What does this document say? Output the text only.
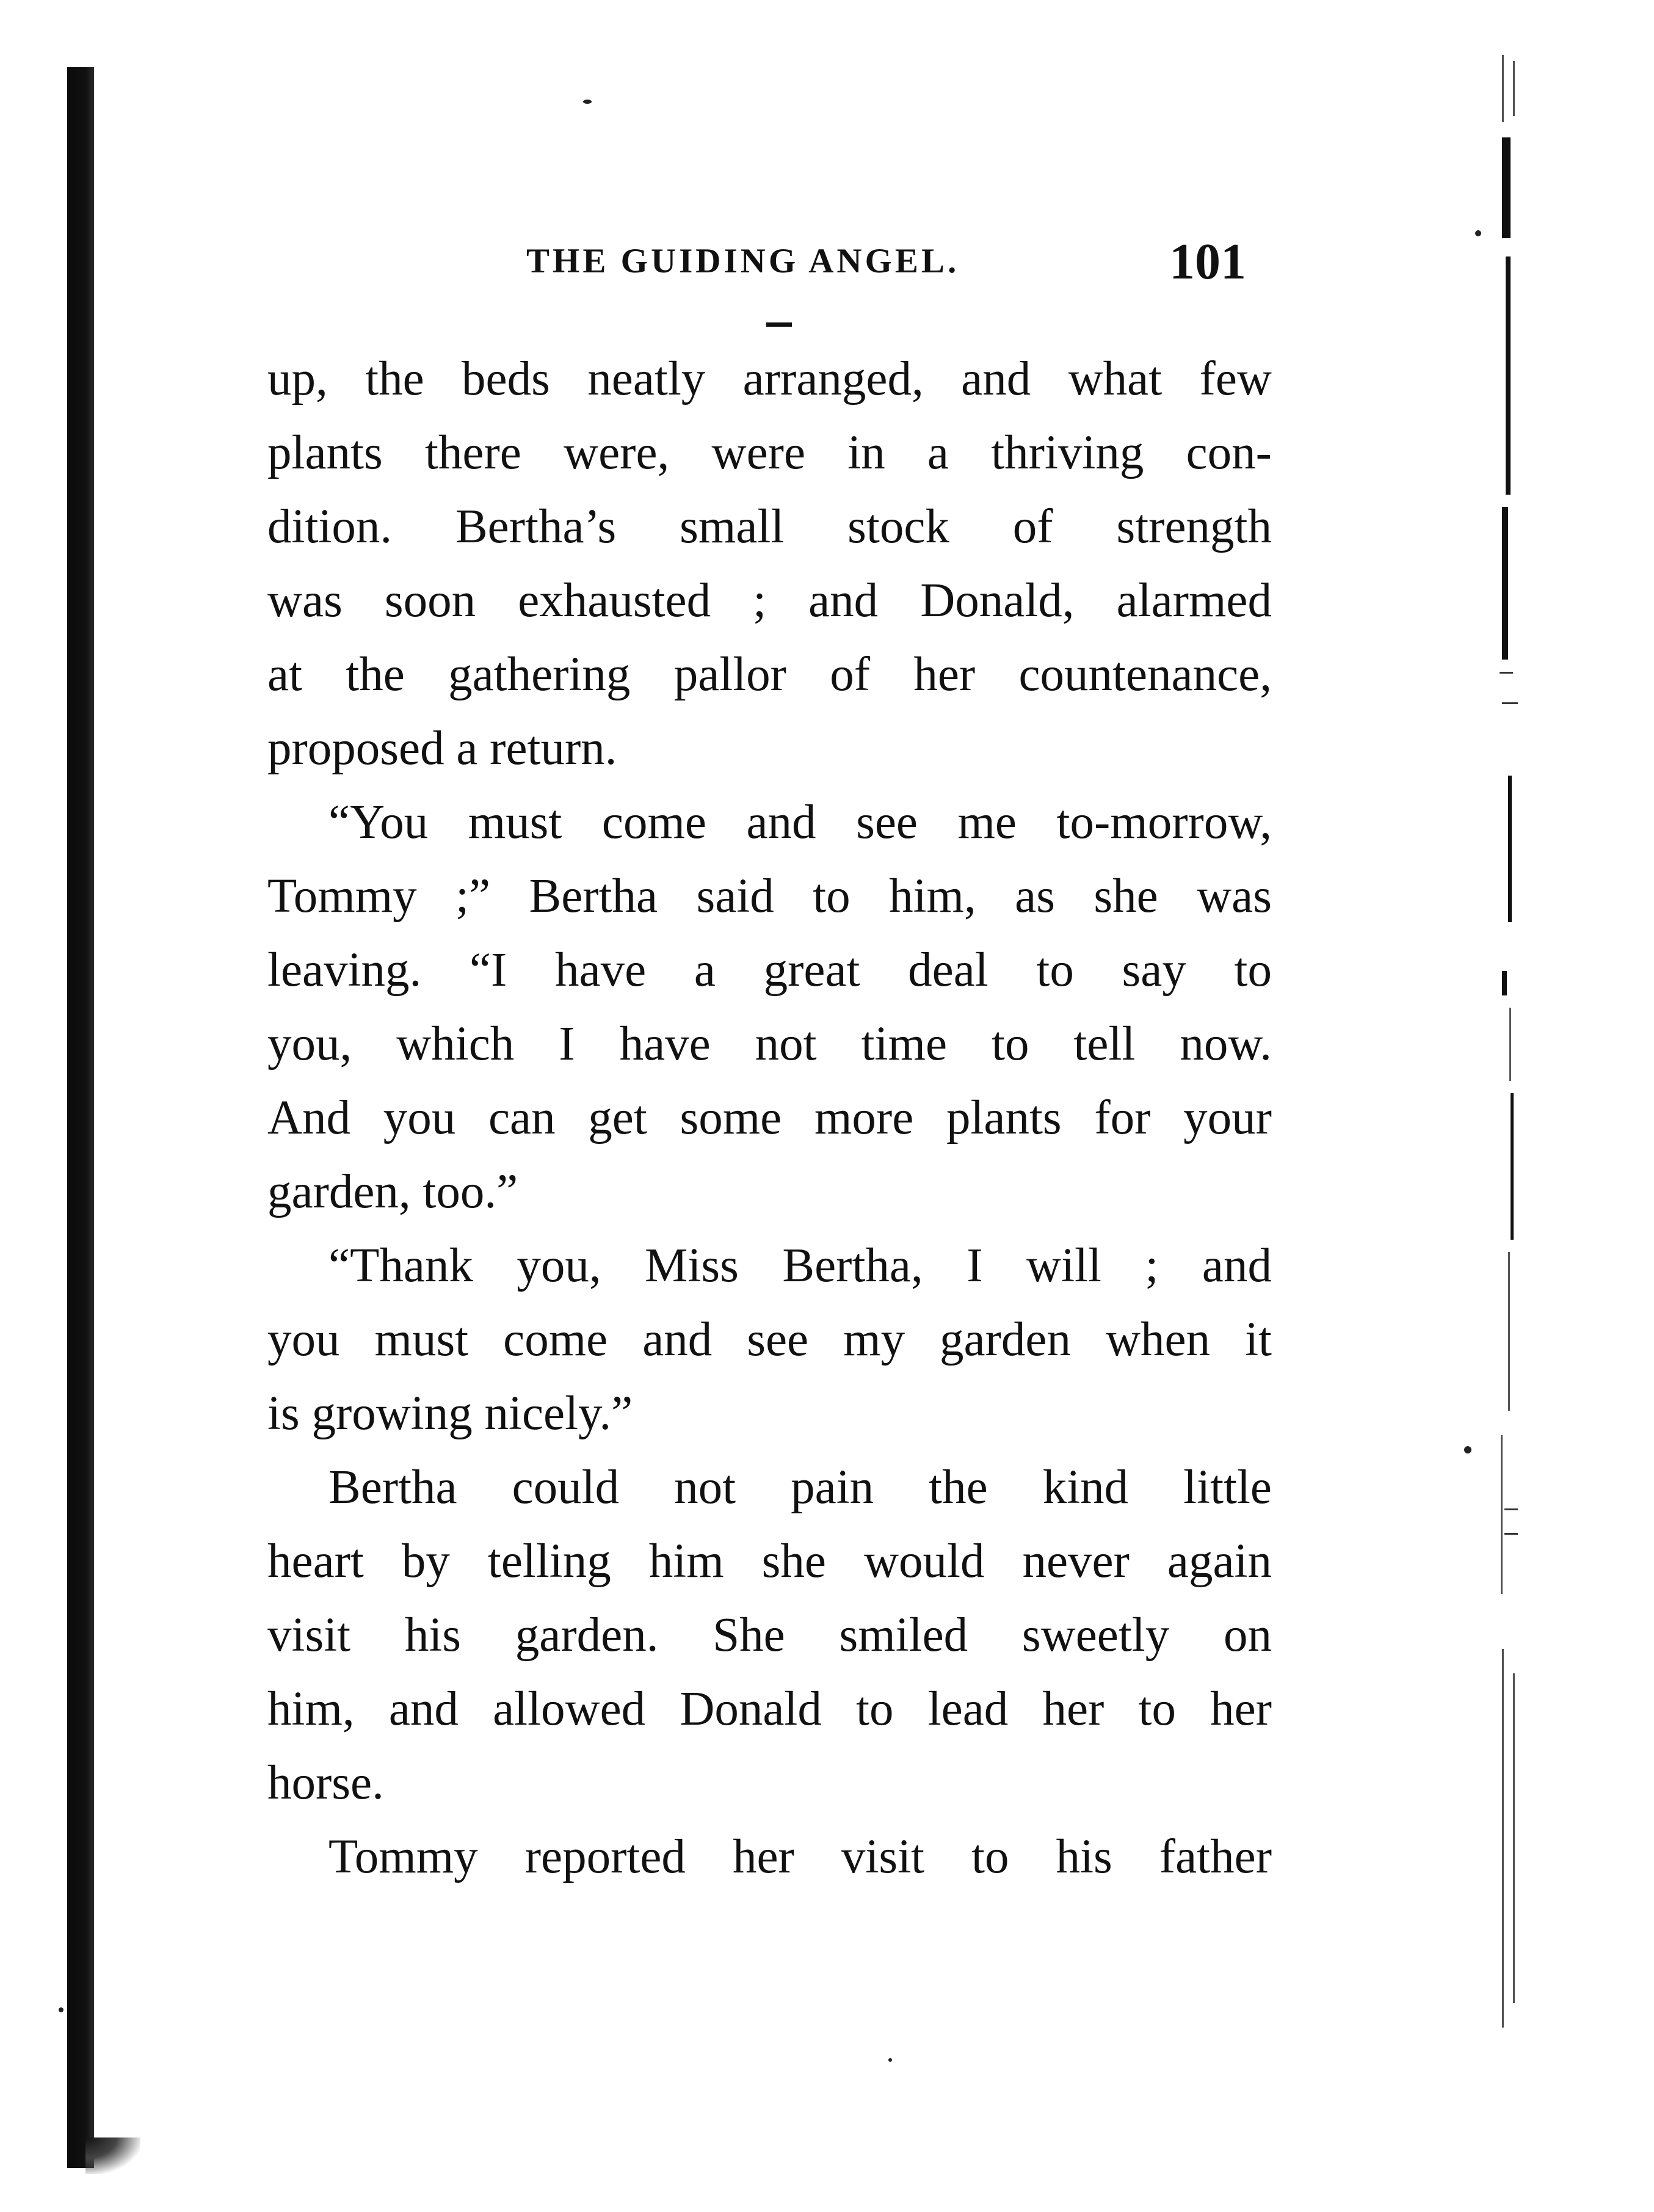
THE GUIDING ANGEL.	101
up, the beds neatly arranged, and what few
plants there were, were in a thriving con-
dition. Bertha’s small stock of strength
was soon exhausted ; and Donald, alarmed
at the gathering pallor of her countenance,
proposed a return.
“You must come and see me to-morrow,
Tommy ;” Bertha said to him, as she was
leaving. “I have a great deal to say to
you, which I have not time to tell now.
And you can get some more plants for your
garden, too.”
“Thank you, Miss Bertha, I will ; and
you must come and see my garden when it
is growing nicely.”
Bertha could not pain the kind little
heart by telling him she would never again
visit his garden. She smiled sweetly on
him, and allowed Donald to lead her to her
horse.
Tommy reported her visit to his father
